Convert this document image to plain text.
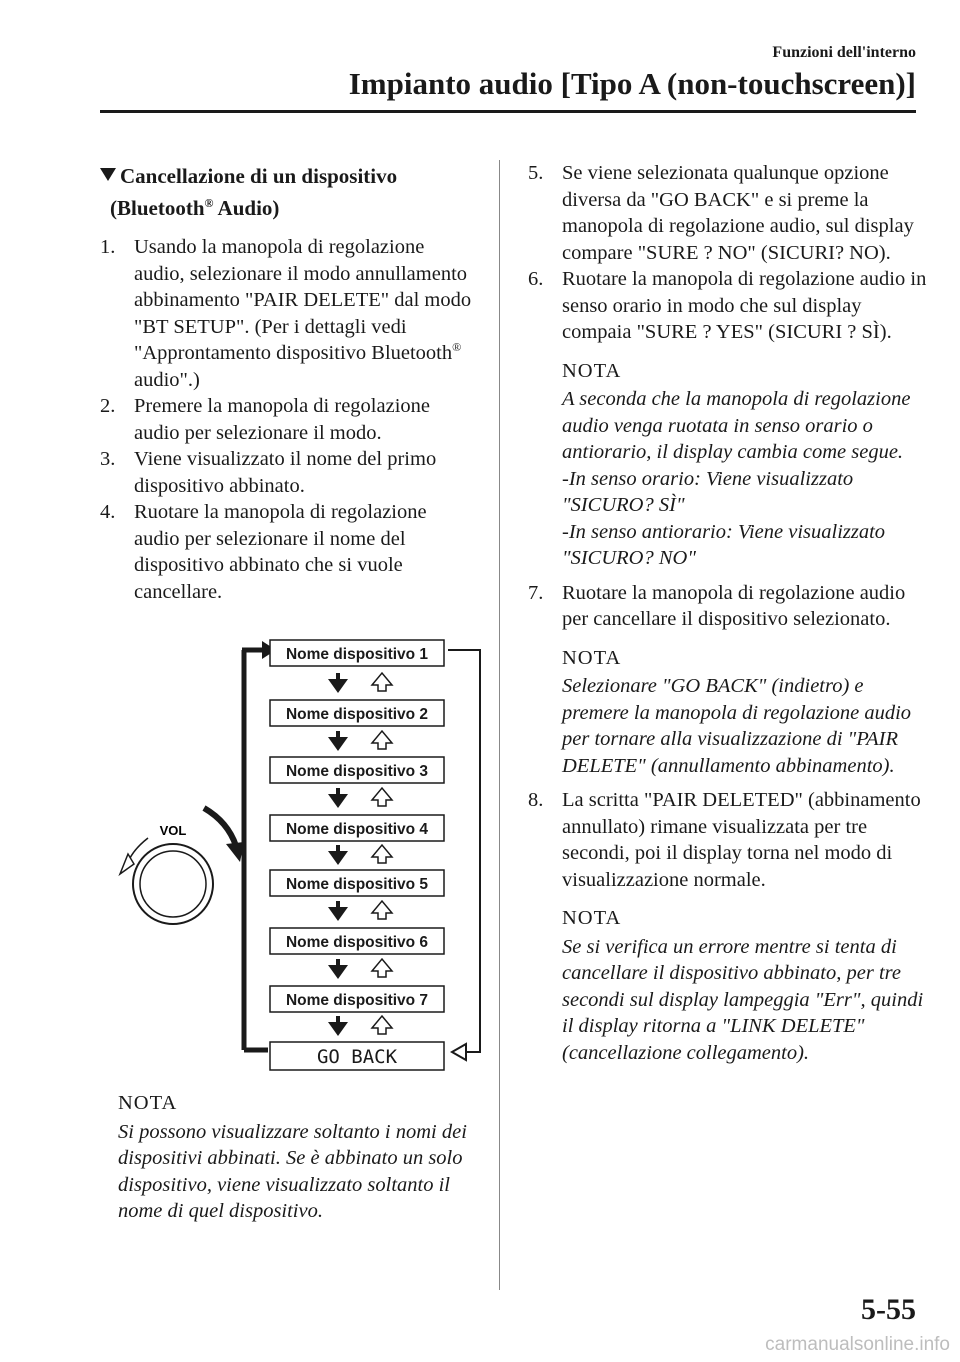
Funzioni dell'interno
Impianto audio [Tipo A (non-touchscreen)]
Cancellazione di un dispositivo
(Bluetooth® Audio)
1. Usando la manopola di regolazione audio, selezionare il modo annullamento abbinamento "PAIR DELETE" dal modo "BT SETUP". (Per i dettagli vedi "Approntamento dispositivo Bluetooth® audio".)
2. Premere la manopola di regolazione audio per selezionare il modo.
3. Viene visualizzato il nome del primo dispositivo abbinato.
4. Ruotare la manopola di regolazione audio per selezionare il nome del dispositivo abbinato che si vuole cancellare.
VOL
Nome dispositivo 1
Nome dispositivo 2
Nome dispositivo 3
Nome dispositivo 4
Nome dispositivo 5
Nome dispositivo 6
Nome dispositivo 7
GO BACK
NOTA
Si possono visualizzare soltanto i nomi dei dispositivi abbinati. Se è abbinato un solo dispositivo, viene visualizzato soltanto il nome di quel dispositivo.
5. Se viene selezionata qualunque opzione diversa da "GO BACK" e si preme la manopola di regolazione audio, sul display compare "SURE ? NO" (SICURI? NO).
6. Ruotare la manopola di regolazione audio in senso orario in modo che sul display compaia "SURE ? YES" (SICURI ? SÌ).
NOTA
A seconda che la manopola di regolazione audio venga ruotata in senso orario o antiorario, il display cambia come segue.
-In senso orario: Viene visualizzato "SICURO? SÌ"
-In senso antiorario: Viene visualizzato "SICURO? NO"
7. Ruotare la manopola di regolazione audio per cancellare il dispositivo selezionato.
NOTA
Selezionare "GO BACK" (indietro) e premere la manopola di regolazione audio per tornare alla visualizzazione di "PAIR DELETE" (annullamento abbinamento).
8. La scritta "PAIR DELETED" (abbinamento annullato) rimane visualizzata per tre secondi, poi il display torna nel modo di visualizzazione normale.
NOTA
Se si verifica un errore mentre si tenta di cancellare il dispositivo abbinato, per tre secondi sul display lampeggia "Err", quindi il display ritorna a "LINK DELETE" (cancellazione collegamento).
5-55
carmanualsonline.info
